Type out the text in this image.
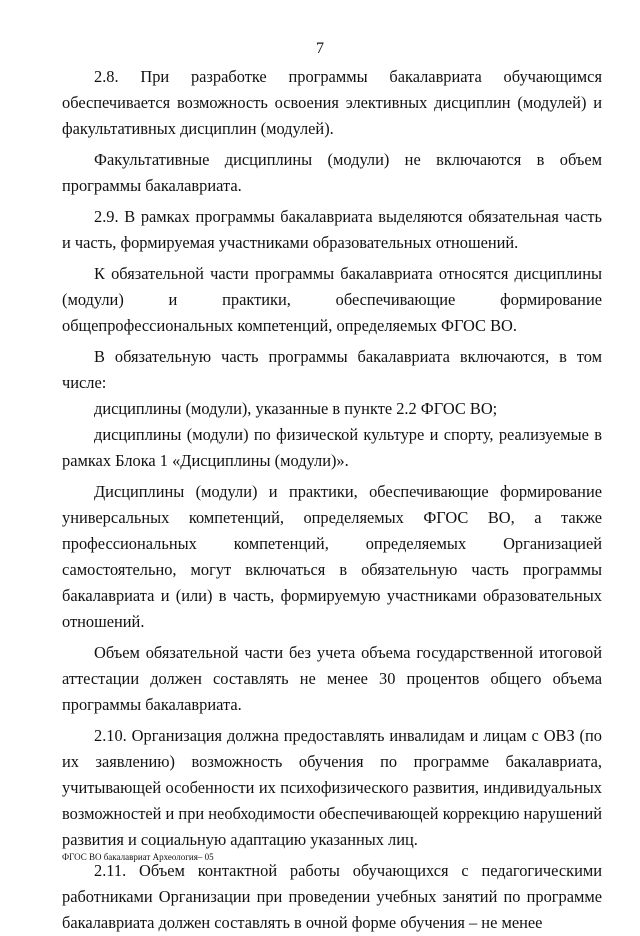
7

2.8. При разработке программы бакалавриата обучающимся обеспечивается возможность освоения элективных дисциплин (модулей) и факультативных дисциплин (модулей).

Факультативные дисциплины (модули) не включаются в объем программы бакалавриата.

2.9. В рамках программы бакалавриата выделяются обязательная часть и часть, формируемая участниками образовательных отношений.

К обязательной части программы бакалавриата относятся дисциплины (модули) и практики, обеспечивающие формирование общепрофессиональных компетенций, определяемых ФГОС ВО.

В обязательную часть программы бакалавриата включаются, в том числе:

дисциплины (модули), указанные в пункте 2.2 ФГОС ВО;

дисциплины (модули) по физической культуре и спорту, реализуемые в рамках Блока 1 «Дисциплины (модули)».

Дисциплины (модули) и практики, обеспечивающие формирование универсальных компетенций, определяемых ФГОС ВО, а также профессиональных компетенций, определяемых Организацией самостоятельно, могут включаться в обязательную часть программы бакалавриата и (или) в часть, формируемую участниками образовательных отношений.

Объем обязательной части без учета объема государственной итоговой аттестации должен составлять не менее 30 процентов общего объема программы бакалавриата.

2.10. Организация должна предоставлять инвалидам и лицам с ОВЗ (по их заявлению) возможность обучения по программе бакалавриата, учитывающей особенности их психофизического развития, индивидуальных возможностей и при необходимости обеспечивающей коррекцию нарушений развития и социальную адаптацию указанных лиц.

2.11. Объем контактной работы обучающихся с педагогическими работниками Организации при проведении учебных занятий по программе бакалавриата должен составлять в очной форме обучения – не менее

ФГОС ВО бакалавриат Археология– 05
